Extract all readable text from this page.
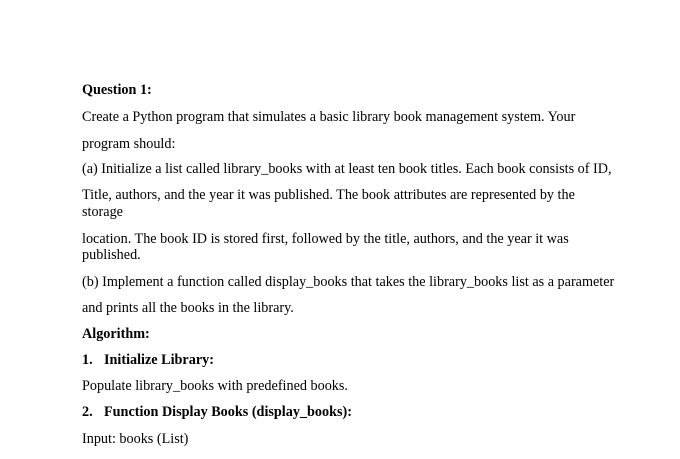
Question 1:
Create a Python program that simulates a basic library book management system. Your
program should:
(a) Initialize a list called library_books with at least ten book titles. Each book consists of ID,
Title, authors, and the year it was published. The book attributes are represented by the
storage
location. The book ID is stored first, followed by the title, authors, and the year it was
published.
(b) Implement a function called display_books that takes the library_books list as a parameter
and prints all the books in the library.
Algorithm:
1. Initialize Library:
Populate library_books with predefined books.
2. Function Display Books (display_books):
Input: books (List)
